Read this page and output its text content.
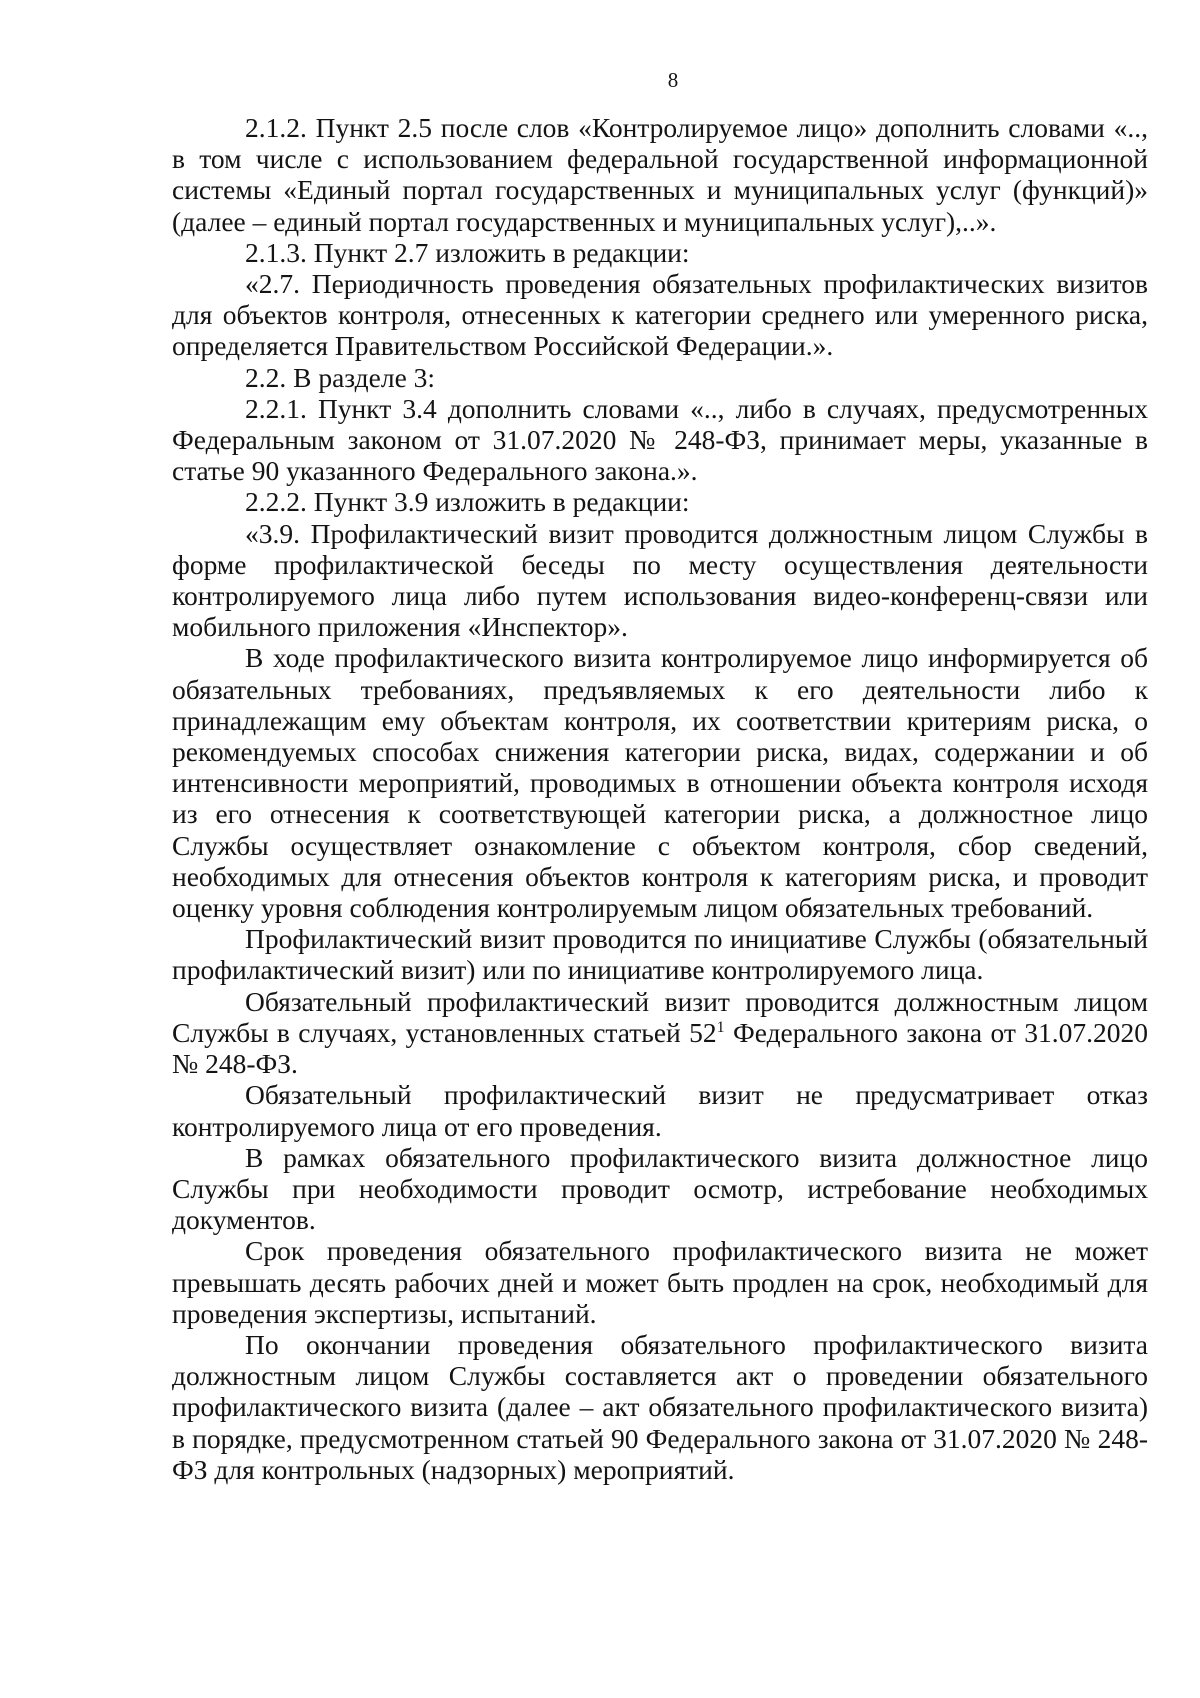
8

2.1.2. Пункт 2.5 после слов «Контролируемое лицо» дополнить словами «.., в том числе с использованием федеральной государственной информационной системы «Единый портал государственных и муниципальных услуг (функций)» (далее – единый портал государственных и муниципальных услуг),..».

2.1.3. Пункт 2.7 изложить в редакции:

«2.7. Периодичность проведения обязательных профилактических визитов для объектов контроля, отнесенных к категории среднего или умеренного риска, определяется Правительством Российской Федерации.».

2.2. В разделе 3:

2.2.1. Пункт 3.4 дополнить словами «.., либо в случаях, предусмотренных Федеральным законом от 31.07.2020 № 248-ФЗ, принимает меры, указанные в статье 90 указанного Федерального закона.».

2.2.2. Пункт 3.9 изложить в редакции:

«3.9. Профилактический визит проводится должностным лицом Службы в форме профилактической беседы по месту осуществления деятельности контролируемого лица либо путем использования видео-конференц-связи или мобильного приложения «Инспектор».

В ходе профилактического визита контролируемое лицо информируется об обязательных требованиях, предъявляемых к его деятельности либо к принадлежащим ему объектам контроля, их соответствии критериям риска, о рекомендуемых способах снижения категории риска, видах, содержании и об интенсивности мероприятий, проводимых в отношении объекта контроля исходя из его отнесения к соответствующей категории риска, а должностное лицо Службы осуществляет ознакомление с объектом контроля, сбор сведений, необходимых для отнесения объектов контроля к категориям риска, и проводит оценку уровня соблюдения контролируемым лицом обязательных требований.

Профилактический визит проводится по инициативе Службы (обязательный профилактический визит) или по инициативе контролируемого лица.

Обязательный профилактический визит проводится должностным лицом Службы в случаях, установленных статьей $52^1$ Федерального закона от 31.07.2020 № 248-ФЗ.

Обязательный профилактический визит не предусматривает отказ контролируемого лица от его проведения.

В рамках обязательного профилактического визита должностное лицо Службы при необходимости проводит осмотр, истребование необходимых документов.

Срок проведения обязательного профилактического визита не может превышать десять рабочих дней и может быть продлен на срок, необходимый для проведения экспертизы, испытаний.

По окончании проведения обязательного профилактического визита должностным лицом Службы составляется акт о проведении обязательного профилактического визита (далее – акт обязательного профилактического визита) в порядке, предусмотренном статьей 90 Федерального закона от 31.07.2020 № 248-ФЗ для контрольных (надзорных) мероприятий.
